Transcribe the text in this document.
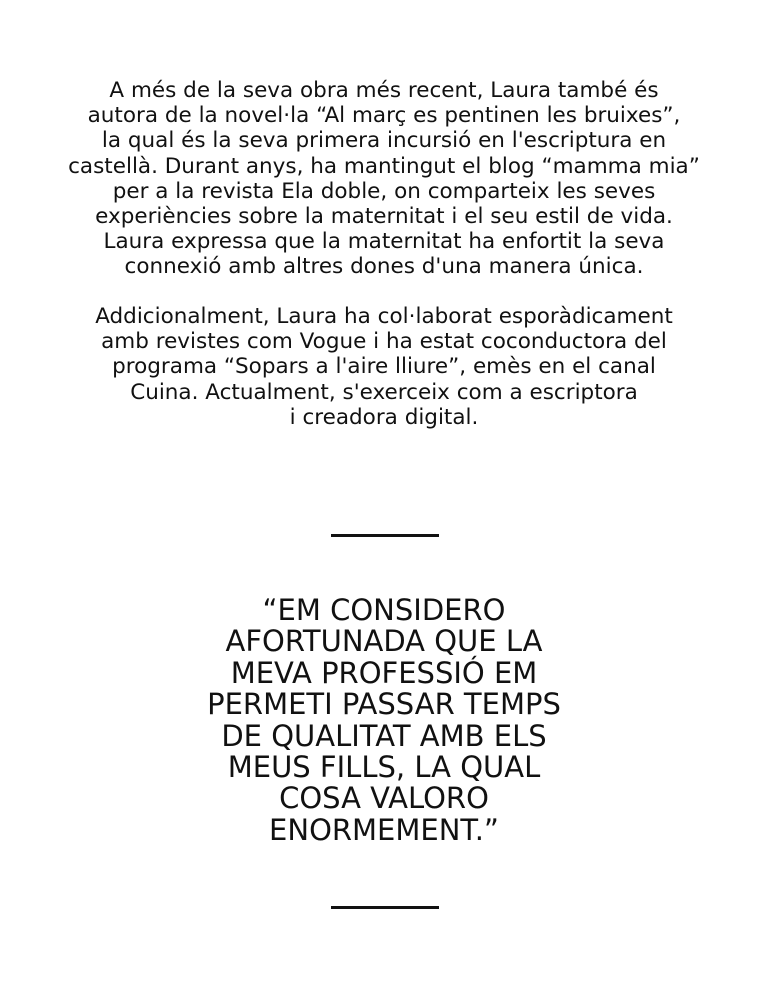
A més de la seva obra més recent, Laura també és
autora de la novel·la “Al març es pentinen les bruixes”,
la qual és la seva primera incursió en l'escriptura en
castellà. Durant anys, ha mantingut el blog “mamma mia”
per a la revista Ela doble, on comparteix les seves
experiències sobre la maternitat i el seu estil de vida.
Laura expressa que la maternitat ha enfortit la seva
connexió amb altres dones d'una manera única.
Addicionalment, Laura ha col·laborat esporàdicament
amb revistes com Vogue i ha estat coconductora del
programa “Sopars a l'aire lliure”, emès en el canal
Cuina. Actualment, s'exerceix com a escriptora
i creadora digital.
“EM CONSIDERO
AFORTUNADA QUE LA
MEVA PROFESSIÓ EM
PERMETI PASSAR TEMPS
DE QUALITAT AMB ELS
MEUS FILLS, LA QUAL
COSA VALORO
ENORMEMENT.”
